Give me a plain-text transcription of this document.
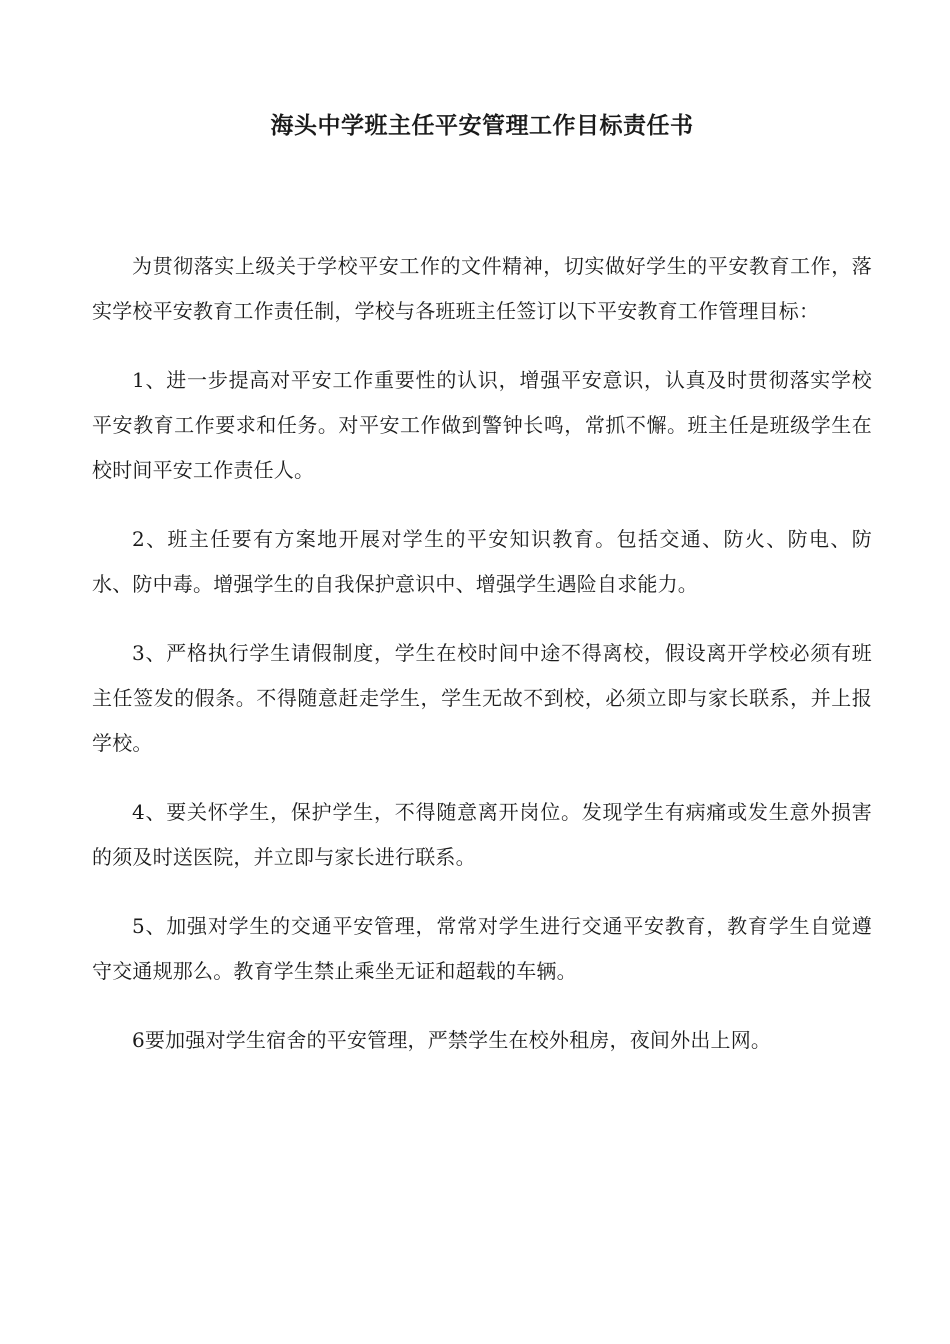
海头中学班主任平安管理工作目标责任书

为贯彻落实上级关于学校平安工作的文件精神，切实做好学生的平安教育工作，落实学校平安教育工作责任制，学校与各班班主任签订以下平安教育工作管理目标：

1、进一步提高对平安工作重要性的认识，增强平安意识，认真及时贯彻落实学校平安教育工作要求和任务。对平安工作做到警钟长鸣，常抓不懈。班主任是班级学生在校时间平安工作责任人。

2、班主任要有方案地开展对学生的平安知识教育。包括交通、防火、防电、防水、防中毒。增强学生的自我保护意识中、增强学生遇险自求能力。

3、严格执行学生请假制度，学生在校时间中途不得离校，假设离开学校必须有班主任签发的假条。不得随意赶走学生，学生无故不到校，必须立即与家长联系，并上报学校。

4、要关怀学生，保护学生，不得随意离开岗位。发现学生有病痛或发生意外损害的须及时送医院，并立即与家长进行联系。

5、加强对学生的交通平安管理，常常对学生进行交通平安教育，教育学生自觉遵守交通规那么。教育学生禁止乘坐无证和超载的车辆。

6要加强对学生宿舍的平安管理，严禁学生在校外租房，夜间外出上网。
